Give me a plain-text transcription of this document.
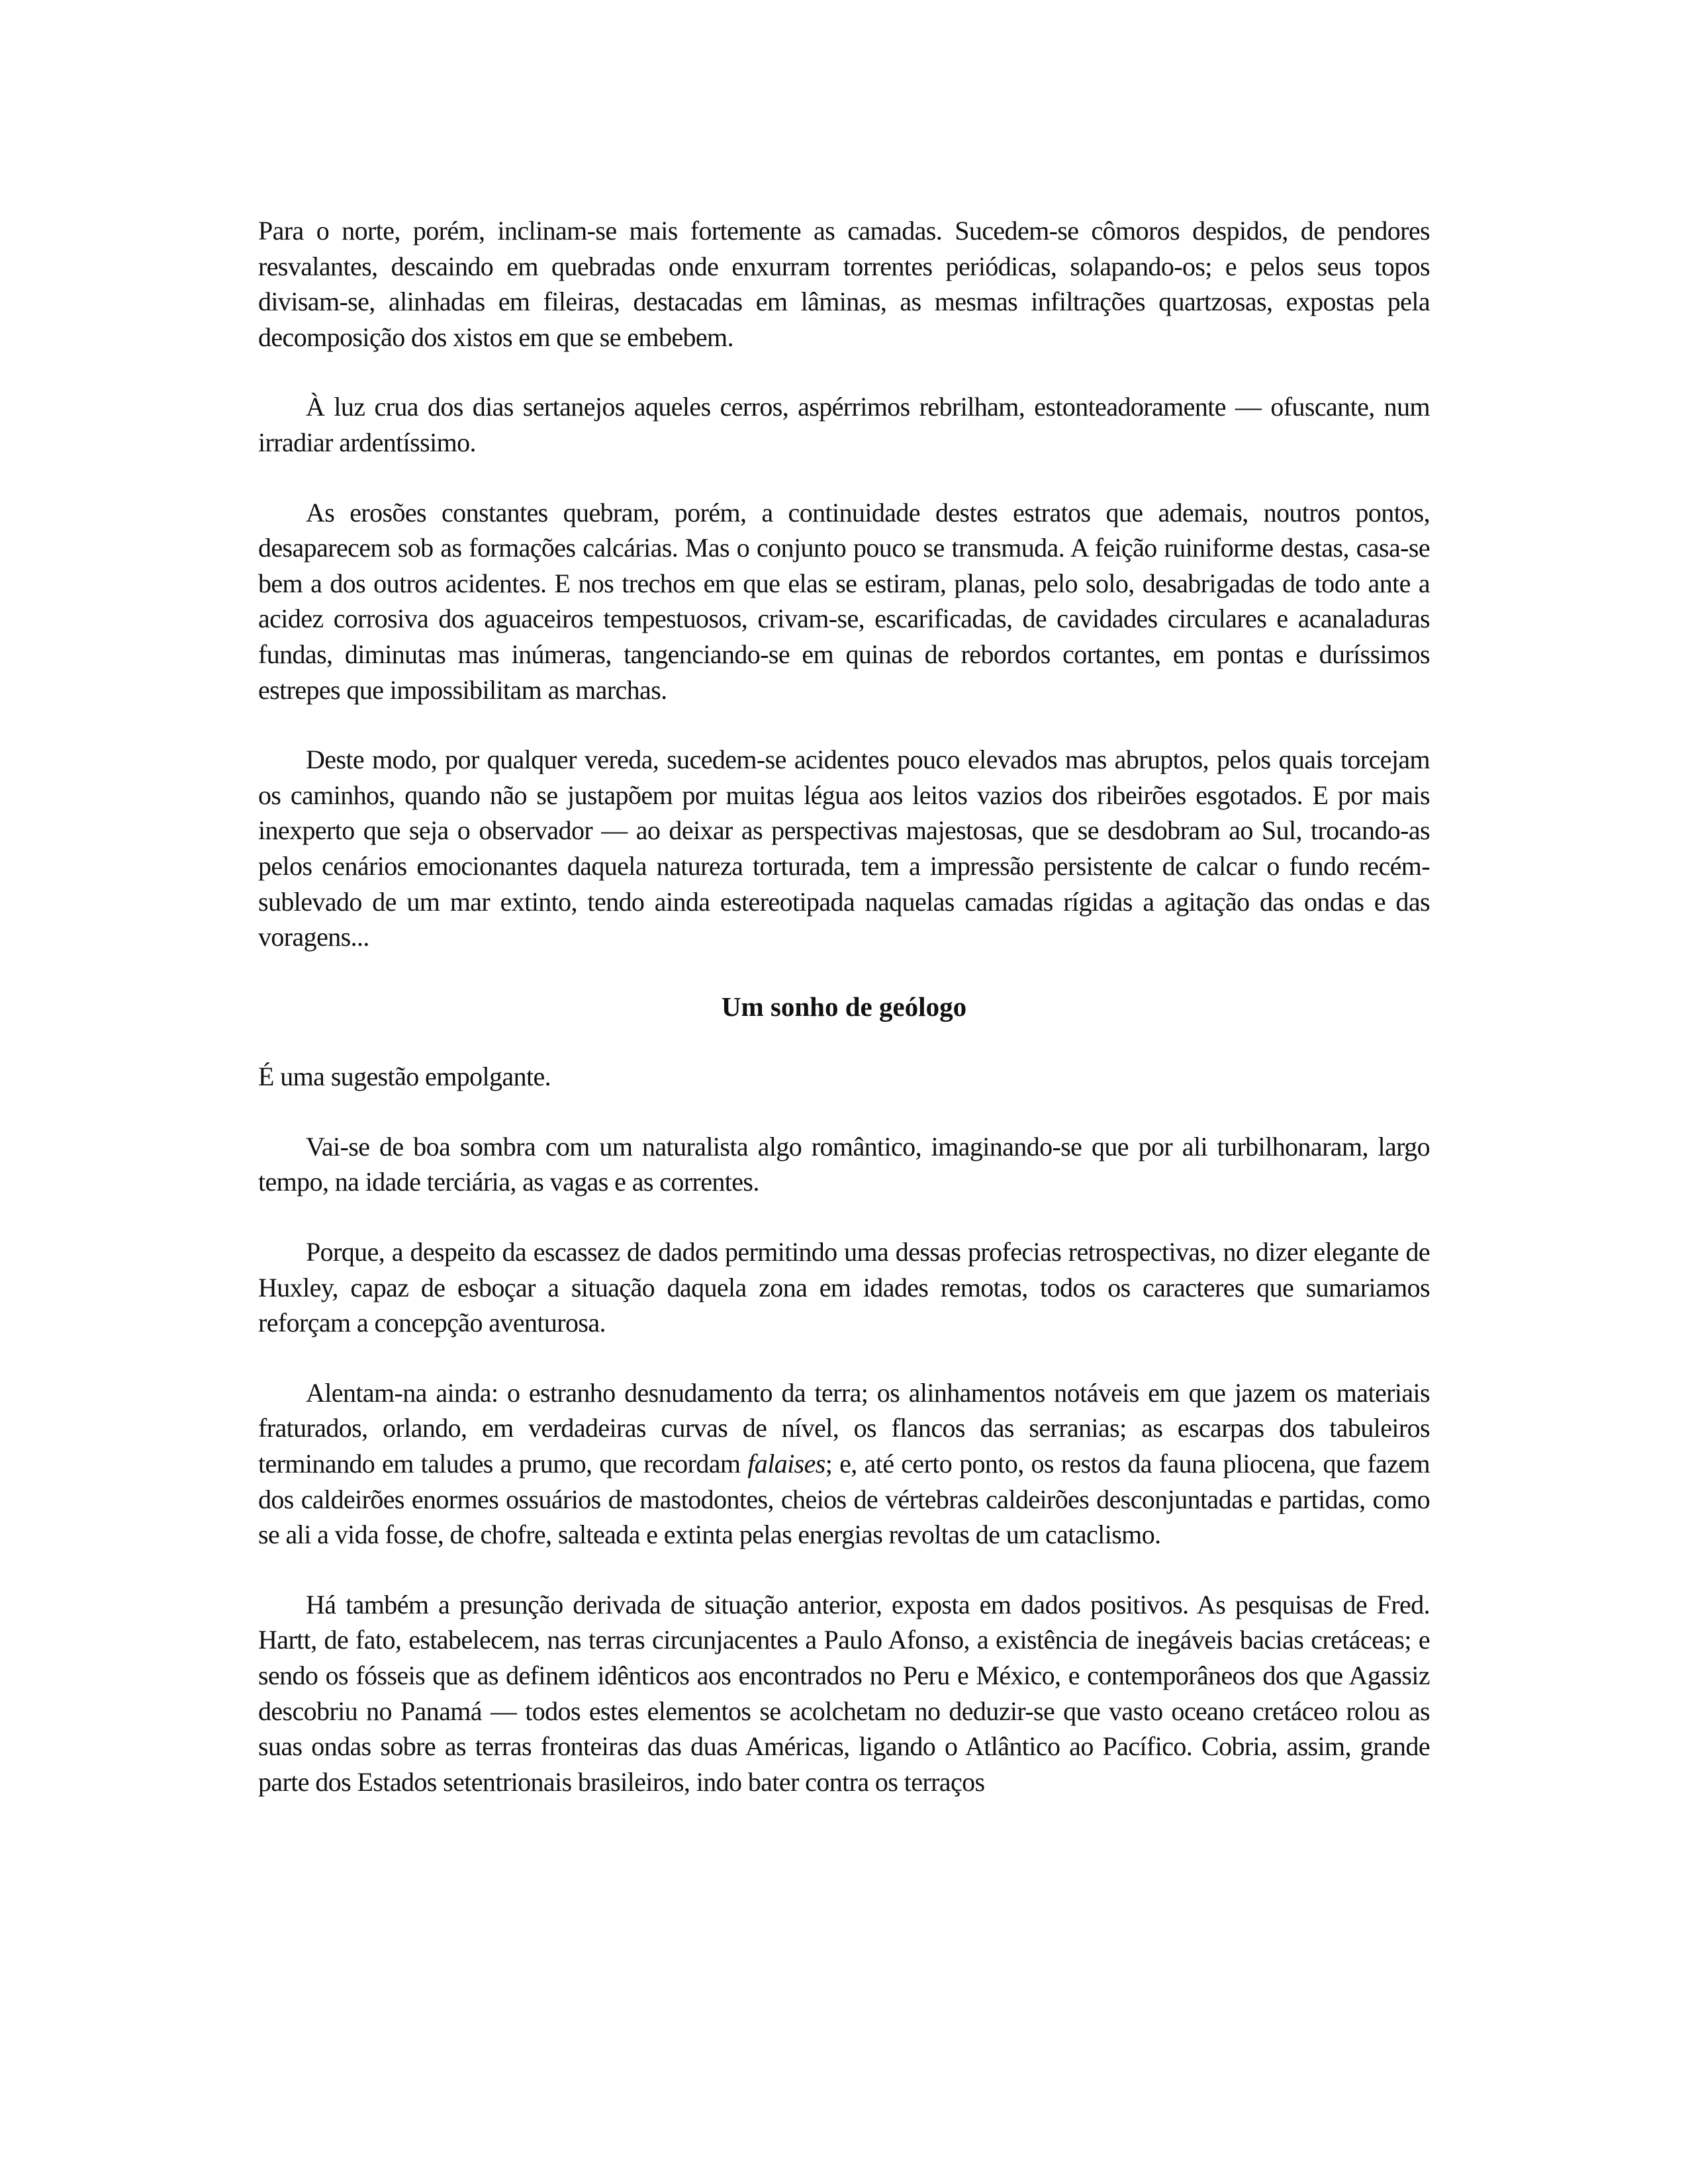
Para o norte, porém, inclinam-se mais fortemente as camadas. Sucedem-se cômoros despidos, de pendores resvalantes, descaindo em quebradas onde enxurram torrentes periódicas, solapando-os; e pelos seus topos divisam-se, alinhadas em fileiras, destacadas em lâminas, as mesmas infiltrações quartzosas, expostas pela decomposição dos xistos em que se embebem.

À luz crua dos dias sertanejos aqueles cerros, aspérrimos rebrilham, estonteadoramente — ofuscante, num irradiar ardentíssimo.

As erosões constantes quebram, porém, a continuidade destes estratos que ademais, noutros pontos, desaparecem sob as formações calcárias. Mas o conjunto pouco se transmuda. A feição ruiniforme destas, casa-se bem a dos outros acidentes. E nos trechos em que elas se estiram, planas, pelo solo, desabrigadas de todo ante a acidez corrosiva dos aguaceiros tempestuosos, crivam-se, escarificadas, de cavidades circulares e acanaladuras fundas, diminutas mas inúmeras, tangenciando-se em quinas de rebordos cortantes, em pontas e duríssimos estrepes que impossibilitam as marchas.

Deste modo, por qualquer vereda, sucedem-se acidentes pouco elevados mas abruptos, pelos quais torcejam os caminhos, quando não se justapõem por muitas légua aos leitos vazios dos ribeirões esgotados. E por mais inexperto que seja o observador — ao deixar as perspectivas majestosas, que se desdobram ao Sul, trocando-as pelos cenários emocionantes daquela natureza torturada, tem a impressão persistente de calcar o fundo recém-sublevado de um mar extinto, tendo ainda estereotipada naquelas camadas rígidas a agitação das ondas e das voragens...

Um sonho de geólogo

É uma sugestão empolgante.

Vai-se de boa sombra com um naturalista algo romântico, imaginando-se que por ali turbilhonaram, largo tempo, na idade terciária, as vagas e as correntes.

Porque, a despeito da escassez de dados permitindo uma dessas profecias retrospectivas, no dizer elegante de Huxley, capaz de esboçar a situação daquela zona em idades remotas, todos os caracteres que sumariamos reforçam a concepção aventurosa.

Alentam-na ainda: o estranho desnudamento da terra; os alinhamentos notáveis em que jazem os materiais fraturados, orlando, em verdadeiras curvas de nível, os flancos das serranias; as escarpas dos tabuleiros terminando em taludes a prumo, que recordam falaises; e, até certo ponto, os restos da fauna pliocena, que fazem dos caldeirões enormes ossuários de mastodontes, cheios de vértebras caldeirões desconjuntadas e partidas, como se ali a vida fosse, de chofre, salteada e extinta pelas energias revoltas de um cataclismo.

Há também a presunção derivada de situação anterior, exposta em dados positivos. As pesquisas de Fred. Hartt, de fato, estabelecem, nas terras circunjacentes a Paulo Afonso, a existência de inegáveis bacias cretáceas; e sendo os fósseis que as definem idênticos aos encontrados no Peru e México, e contemporâneos dos que Agassiz descobriu no Panamá — todos estes elementos se acolchetam no deduzir-se que vasto oceano cretáceo rolou as suas ondas sobre as terras fronteiras das duas Américas, ligando o Atlântico ao Pacífico. Cobria, assim, grande parte dos Estados setentrionais brasileiros, indo bater contra os terraços
